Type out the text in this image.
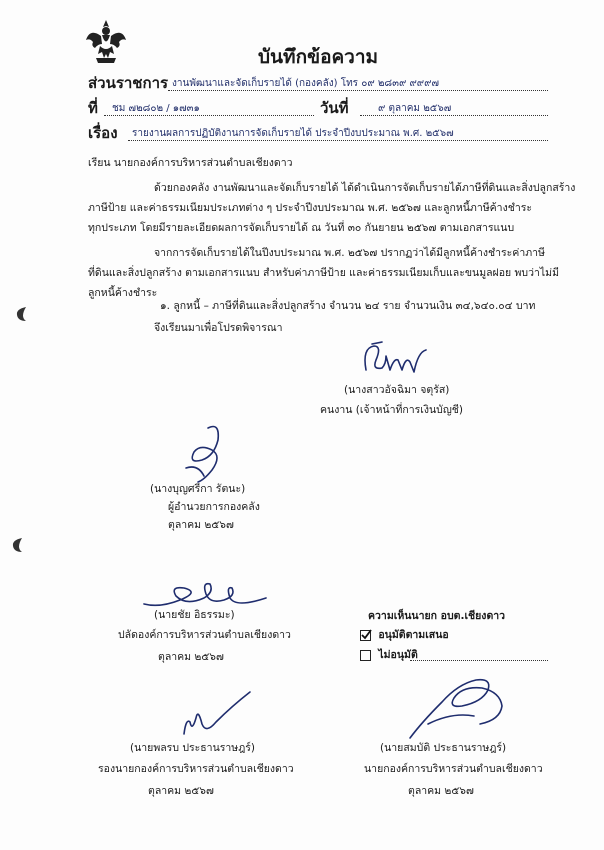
บันทึกข้อความ
ส่วนราชการ งานพัฒนาและจัดเก็บรายได้ (กองคลัง) โทร ๐๙ ๒๘๓๙ ๙๙๙๗
ที่ ชม ๗๒๘๐๒ / ๑๗๓๑	วันที่	๙ ตุลาคม ๒๕๖๗
เรื่อง รายงานผลการปฏิบัติงานการจัดเก็บรายได้ ประจำปีงบประมาณ พ.ศ. ๒๕๖๗
เรียน นายกองค์การบริหารส่วนตำบลเชียงดาว
ด้วยกองคลัง งานพัฒนาและจัดเก็บรายได้ ได้ดำเนินการจัดเก็บรายได้ภาษีที่ดินและสิ่งปลูกสร้าง
ภาษีป้าย และค่าธรรมเนียมประเภทต่าง ๆ ประจำปีงบประมาณ พ.ศ. ๒๕๖๗ และลูกหนี้ภาษีค้างชำระ
ทุกประเภท โดยมีรายละเอียดผลการจัดเก็บรายได้ ณ วันที่ ๓๐ กันยายน ๒๕๖๗ ตามเอกสารแนบ
จากการจัดเก็บรายได้ในปีงบประมาณ พ.ศ. ๒๕๖๗ ปรากฏว่าได้มีลูกหนี้ค้างชำระค่าภาษี
ที่ดินและสิ่งปลูกสร้าง ตามเอกสารแนบ สำหรับค่าภาษีป้าย และค่าธรรมเนียมเก็บและขนมูลฝอย พบว่าไม่มี
ลูกหนี้ค้างชำระ
๑. ลูกหนี้ – ภาษีที่ดินและสิ่งปลูกสร้าง จำนวน ๒๔ ราย จำนวนเงิน ๓๔,๖๔๐.๐๔ บาท
จึงเรียนมาเพื่อโปรดพิจารณา
(นางสาวอัจฉิมา จตุรัส)
คนงาน (เจ้าหน้าที่การเงินบัญชี)
(นางบุญศรีกา รัตนะ)
ผู้อำนวยการกองคลัง
ตุลาคม ๒๕๖๗
(นายชัย อิธรรมะ)
ปลัดองค์การบริหารส่วนตำบลเชียงดาว
ตุลาคม ๒๕๖๗
ความเห็นนายก อบต.เชียงดาว
อนุมัติตามเสนอ
ไม่อนุมัติ
(นายพลรบ ประธานราษฎร์)
รองนายกองค์การบริหารส่วนตำบลเชียงดาว
ตุลาคม ๒๕๖๗
(นายสมบัติ ประธานราษฎร์)
นายกองค์การบริหารส่วนตำบลเชียงดาว
ตุลาคม ๒๕๖๗
